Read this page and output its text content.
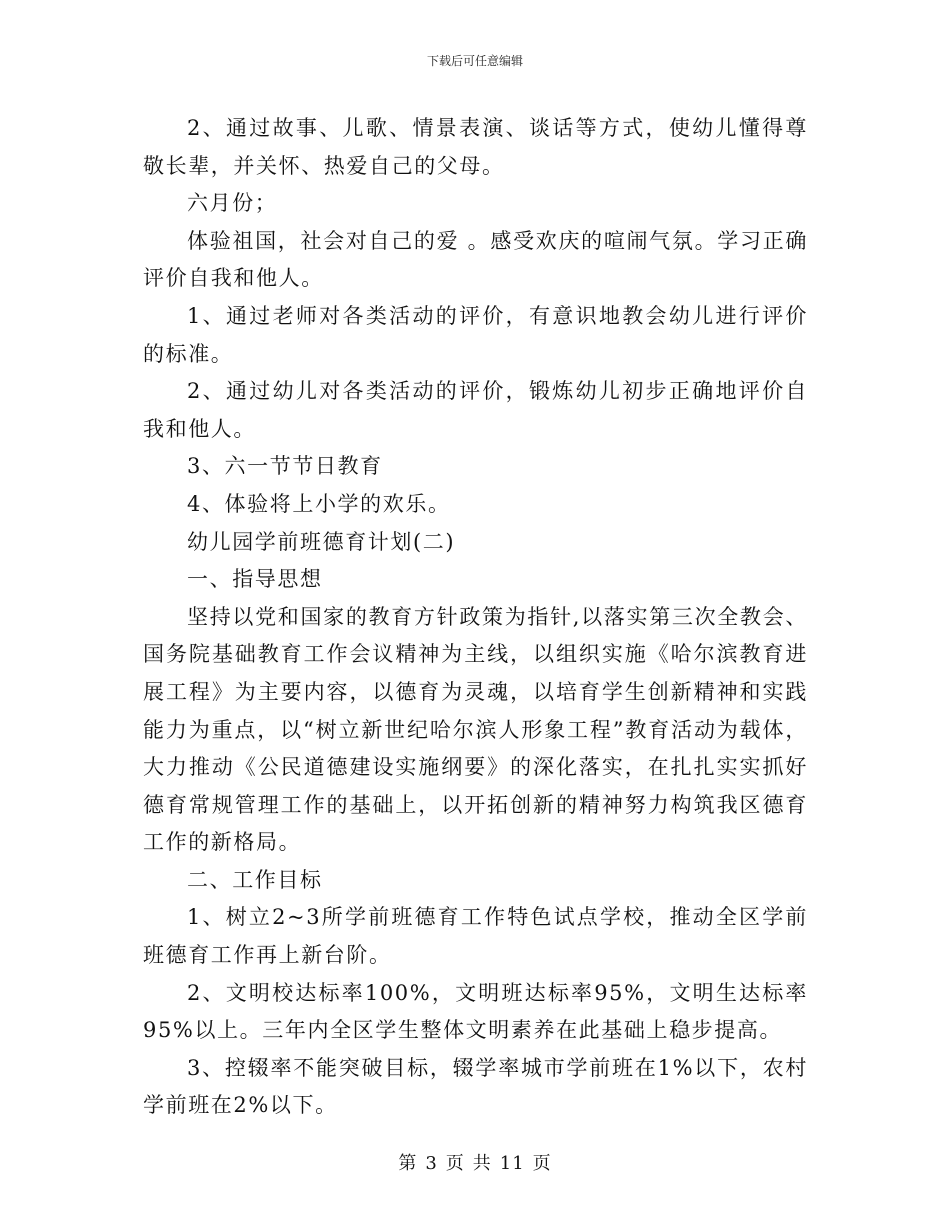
下载后可任意编辑

2、通过故事、儿歌、情景表演、谈话等方式，使幼儿懂得尊敬长辈，并关怀、热爱自己的父母。

六月份；

体验祖国，社会对自己的爱 。感受欢庆的喧闹气氛。学习正确评价自我和他人。

1、通过老师对各类活动的评价，有意识地教会幼儿进行评价的标准。

2、通过幼儿对各类活动的评价，锻炼幼儿初步正确地评价自我和他人。

3、六一节节日教育

4、体验将上小学的欢乐。

幼儿园学前班德育计划(二)

一、指导思想

坚持以党和国家的教育方针政策为指针,以落实第三次全教会、国务院基础教育工作会议精神为主线，以组织实施《哈尔滨教育进展工程》为主要内容，以德育为灵魂，以培育学生创新精神和实践能力为重点，以“树立新世纪哈尔滨人形象工程”教育活动为载体，大力推动《公民道德建设实施纲要》的深化落实，在扎扎实实抓好德育常规管理工作的基础上，以开拓创新的精神努力构筑我区德育工作的新格局。

二、工作目标

1、树立2~3所学前班德育工作特色试点学校，推动全区学前班德育工作再上新台阶。

2、文明校达标率100%，文明班达标率95%，文明生达标率95%以上。三年内全区学生整体文明素养在此基础上稳步提高。

3、控辍率不能突破目标，辍学率城市学前班在1%以下，农村学前班在2%以下。

第 3 页 共 11 页
